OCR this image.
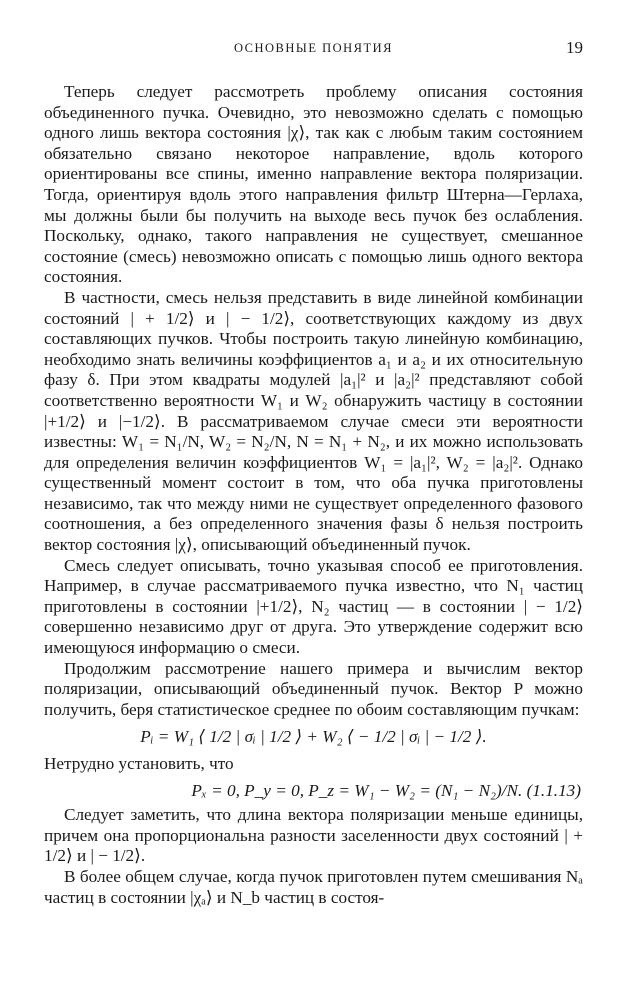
ОСНОВНЫЕ ПОНЯТИЯ	19

Теперь следует рассмотреть проблему описания состояния объединенного пучка. Очевидно, это невозможно сделать с помощью одного лишь вектора состояния |χ⟩, так как с любым таким состоянием обязательно связано некоторое направление, вдоль которого ориентированы все спины, именно направление вектора поляризации. Тогда, ориентируя вдоль этого направления фильтр Штерна—Герлаха, мы должны были бы получить на выходе весь пучок без ослабления. Поскольку, однако, такого направления не существует, смешанное состояние (смесь) невозможно описать с помощью лишь одного вектора состояния.

В частности, смесь нельзя представить в виде линейной комбинации состояний | + 1/2⟩ и | − 1/2⟩, соответствующих каждому из двух составляющих пучков. Чтобы построить такую линейную комбинацию, необходимо знать величины коэффициентов a₁ и a₂ и их относительную фазу δ. При этом квадраты модулей |a₁|² и |a₂|² представляют собой соответственно вероятности W₁ и W₂ обнаружить частицу в состоянии |+1/2⟩ и |−1/2⟩. В рассматриваемом случае смеси эти вероятности известны: W₁ = N₁/N, W₂ = N₂/N, N = N₁ + N₂, и их можно использовать для определения величин коэффициентов W₁ = |a₁|², W₂ = |a₂|². Однако существенный момент состоит в том, что оба пучка приготовлены независимо, так что между ними не существует определенного фазового соотношения, а без определенного значения фазы δ нельзя построить вектор состояния |χ⟩, описывающий объединенный пучок.

Смесь следует описывать, точно указывая способ ее приготовления. Например, в случае рассматриваемого пучка известно, что N₁ частиц приготовлены в состоянии |+1/2⟩, N₂ частиц — в состоянии | − 1/2⟩ совершенно независимо друг от друга. Это утверждение содержит всю имеющуюся информацию о смеси.

Продолжим рассмотрение нашего примера и вычислим вектор поляризации, описывающий объединенный пучок. Вектор P можно получить, беря статистическое среднее по обоим составляющим пучкам:

Pᵢ = W₁ ⟨ 1/2 | σᵢ | 1/2 ⟩ + W₂ ⟨ − 1/2 | σᵢ | − 1/2 ⟩.

Нетрудно установить, что

Pₓ = 0, P_y = 0, P_z = W₁ − W₂ = (N₁ − N₂)/N. (1.1.13)

Следует заметить, что длина вектора поляризации меньше единицы, причем она пропорциональна разности заселенности двух состояний | + 1/2⟩ и | − 1/2⟩.

В более общем случае, когда пучок приготовлен путем смешивания Nₐ частиц в состоянии |χₐ⟩ и N_b частиц в состоя-
